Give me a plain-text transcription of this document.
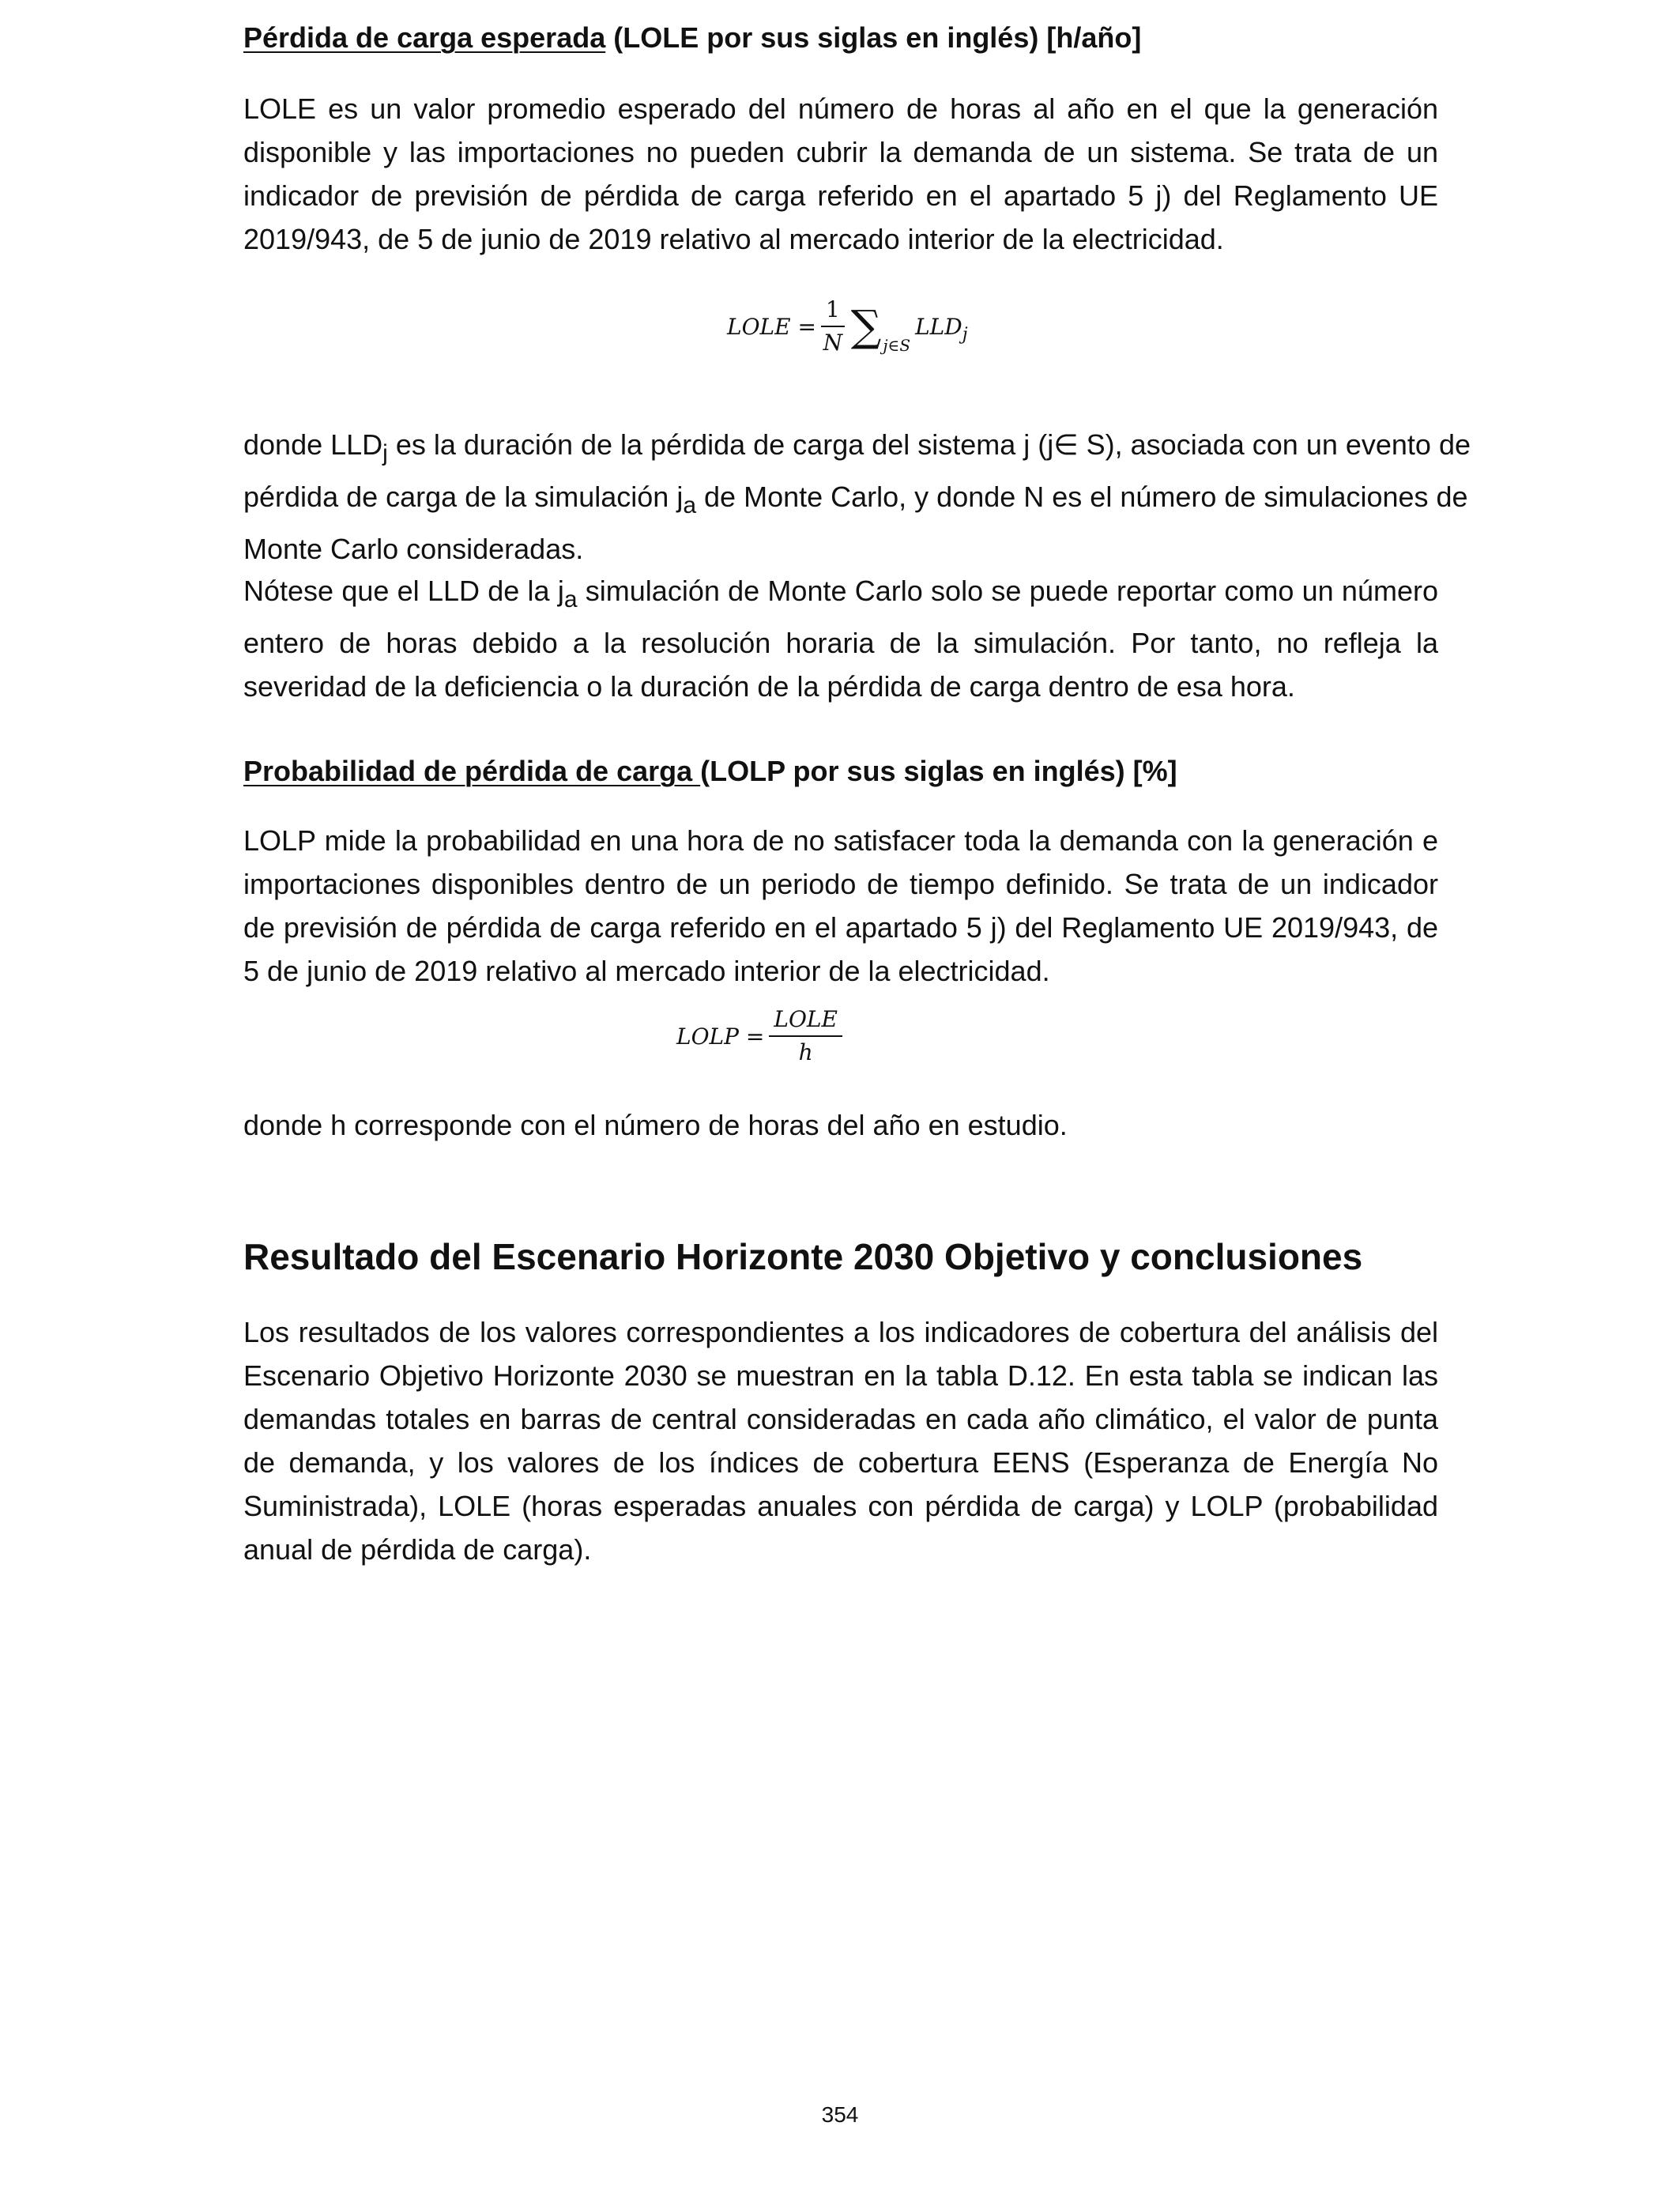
Pérdida de carga esperada (LOLE por sus siglas en inglés) [h/año]

LOLE es un valor promedio esperado del número de horas al año en el que la generación disponible y las importaciones no pueden cubrir la demanda de un sistema. Se trata de un indicador de previsión de pérdida de carga referido en el apartado 5 j) del Reglamento UE 2019/943, de 5 de junio de 2019 relativo al mercado interior de la electricidad.

LOLE = $\frac{1}{N}$ ∑ j∈S
LLD j

donde $LLD_j$ es la duración de la pérdida de carga del sistema j (j∈ S), asociada con un evento de pérdida de carga de la simulación $j_a$ de Monte Carlo, y donde N es el número de simulaciones de Monte Carlo consideradas.

Nótese que el LLD de la $j_a$ simulación de Monte Carlo solo se puede reportar como un número entero de horas debido a la resolución horaria de la simulación. Por tanto, no refleja la severidad de la deficiencia o la duración de la pérdida de carga dentro de esa hora.

Probabilidad de pérdida de carga (LOLP por sus siglas en inglés) [%]

LOLP mide la probabilidad en una hora de no satisfacer toda la demanda con la generación e importaciones disponibles dentro de un periodo de tiempo definido. Se trata de un indicador de previsión de pérdida de carga referido en el apartado 5 j) del Reglamento UE 2019/943, de 5 de junio de 2019 relativo al mercado interior de la electricidad.

LOLP = $\frac{\text{LOLE}}{h}$

donde h corresponde con el número de horas del año en estudio.

Resultado del Escenario Horizonte 2030 Objetivo y conclusiones

Los resultados de los valores correspondientes a los indicadores de cobertura del análisis del Escenario Objetivo Horizonte 2030 se muestran en la tabla D.12. En esta tabla se indican las demandas totales en barras de central consideradas en cada año climático, el valor de punta de demanda, y los valores de los índices de cobertura EENS (Esperanza de Energía No Suministrada), LOLE (horas esperadas anuales con pérdida de carga) y LOLP (probabilidad anual de pérdida de carga).

354
